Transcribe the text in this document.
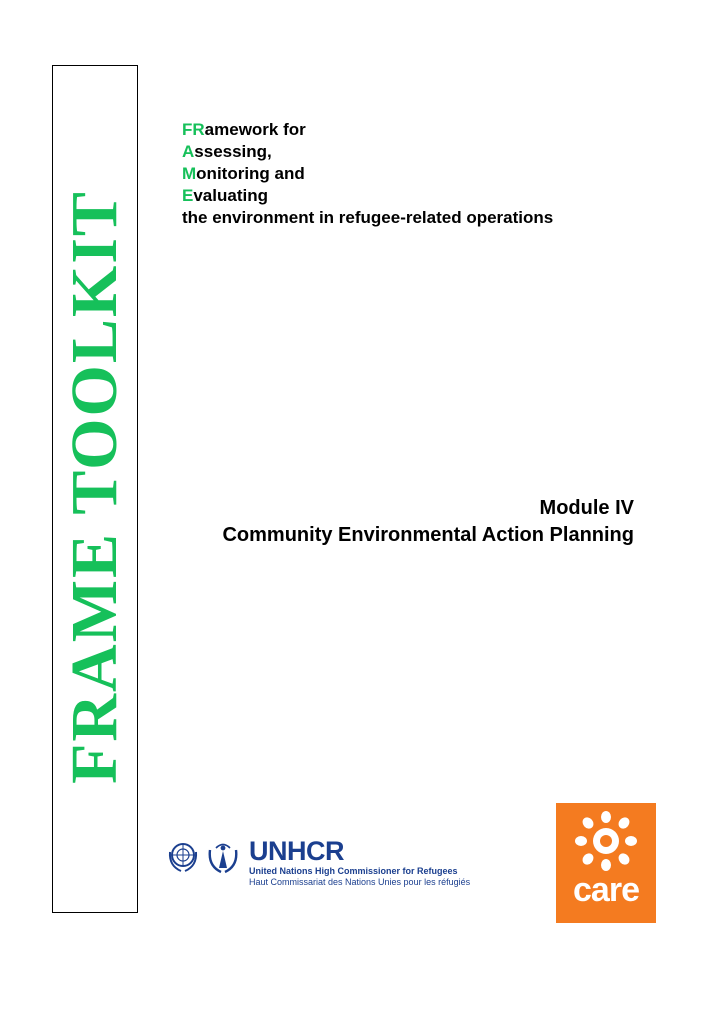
FRAME TOOLKIT
FRamework for
Assessing,
Monitoring and
Evaluating
the environment in refugee-related operations
Module IV
Community Environmental Action Planning
UNHCR
United Nations High Commissioner for Refugees
Haut Commissariat des Nations Unies pour les réfugiés	care
